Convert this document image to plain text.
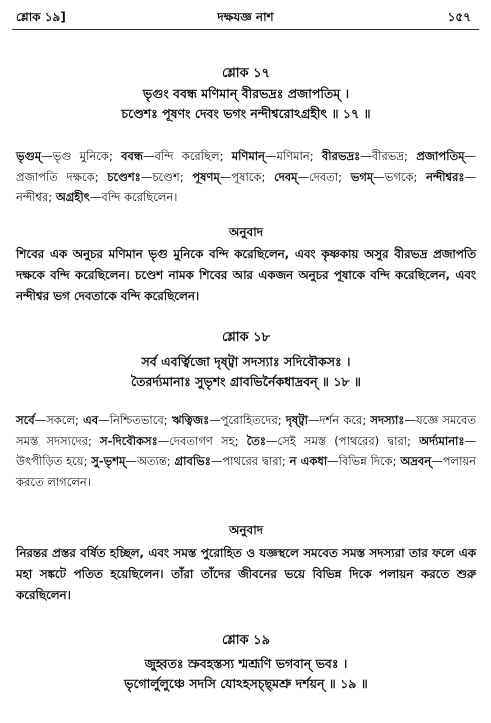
শ্লোক ১৯]	দক্ষযজ্ঞ নাশ	১৫৭
শ্লোক ১৭
ভৃগুং ববন্ধ মণিমান্ বীরভদ্রঃ প্রজাপতিম্ ।
চণ্ডেশঃ পূষণং দেবং ভগং নন্দীশ্বরোঽগ্রহীৎ ॥ ১৭ ॥
ভৃগুম্—ভৃগু মুনিকে; ববন্ধ—বন্দি করেছিল; মণিমান্—মণিমান; বীরভদ্রঃ—বীরভদ্র; প্রজাপতিম্—প্রজাপতি দক্ষকে; চণ্ডেশঃ—চণ্ডেশ; পূষণম্—পূষাকে; দেবম্—দেবতা; ভগম্—ভগকে; নন্দীশ্বরঃ—নন্দীশ্বর; অগ্রহীৎ—বন্দি করেছিলেন।
অনুবাদ
শিবের এক অনুচর মণিমান ভৃগু মুনিকে বন্দি করেছিলেন, এবং কৃষ্ণকায় অসুর বীরভদ্র প্রজাপতি দক্ষকে বন্দি করেছিলেন। চণ্ডেশ নামক শিবের আর একজন অনুচর পূষাকে বন্দি করেছিলেন, এবং নন্দীশ্বর ভগ দেবতাকে বন্দি করেছিলেন।
শ্লোক ১৮
সর্ব এবর্ত্বিজো দৃষ্ট্বা সদস্যাঃ সদিবৌকসঃ ।
তৈরর্দ্যমানাঃ সুভৃশং গ্রাবভির্নৈকধাদ্রবন্ ॥ ১৮ ॥
সর্বে—সকলে; এব—নিশ্চিতভাবে; ঋত্বিজঃ—পুরোহিতদের; দৃষ্ট্বা—দর্শন করে; সদস্যাঃ—যজ্ঞে সমবেত সমস্ত সদস্যদের; স-দিবৌকসঃ—দেবতাগণ সহ; তৈঃ—সেই সমস্ত (পাথরের) দ্বারা; অর্দ্যমানাঃ—উৎপীড়িত হয়ে; সু-ভৃশম্—অত্যন্ত; গ্রাবভিঃ—পাথরের দ্বারা; ন একধা—বিভিন্ন দিকে; অদ্রবন্—পলায়ন করতে লাগলেন।
অনুবাদ
নিরন্তর প্রস্তর বর্ষিত হচ্ছিল, এবং সমস্ত পুরোহিত ও যজ্ঞস্থলে সমবেত সমস্ত সদস্যরা তার ফলে এক মহা সঙ্কটে পতিত হয়েছিলেন। তাঁরা তাঁদের জীবনের ভয়ে বিভিন্ন দিকে পলায়ন করতে শুরু করেছিলেন।
শ্লোক ১৯
জুহ্বতঃ স্রুবহস্তস্য শ্মশ্রূণি ভগবান্ ভবঃ ।
ভৃগোর্লুলুঞ্চে সদসি যোঽহসচ্ছ্মশ্রু দর্শয়ন্ ॥ ১৯ ॥
